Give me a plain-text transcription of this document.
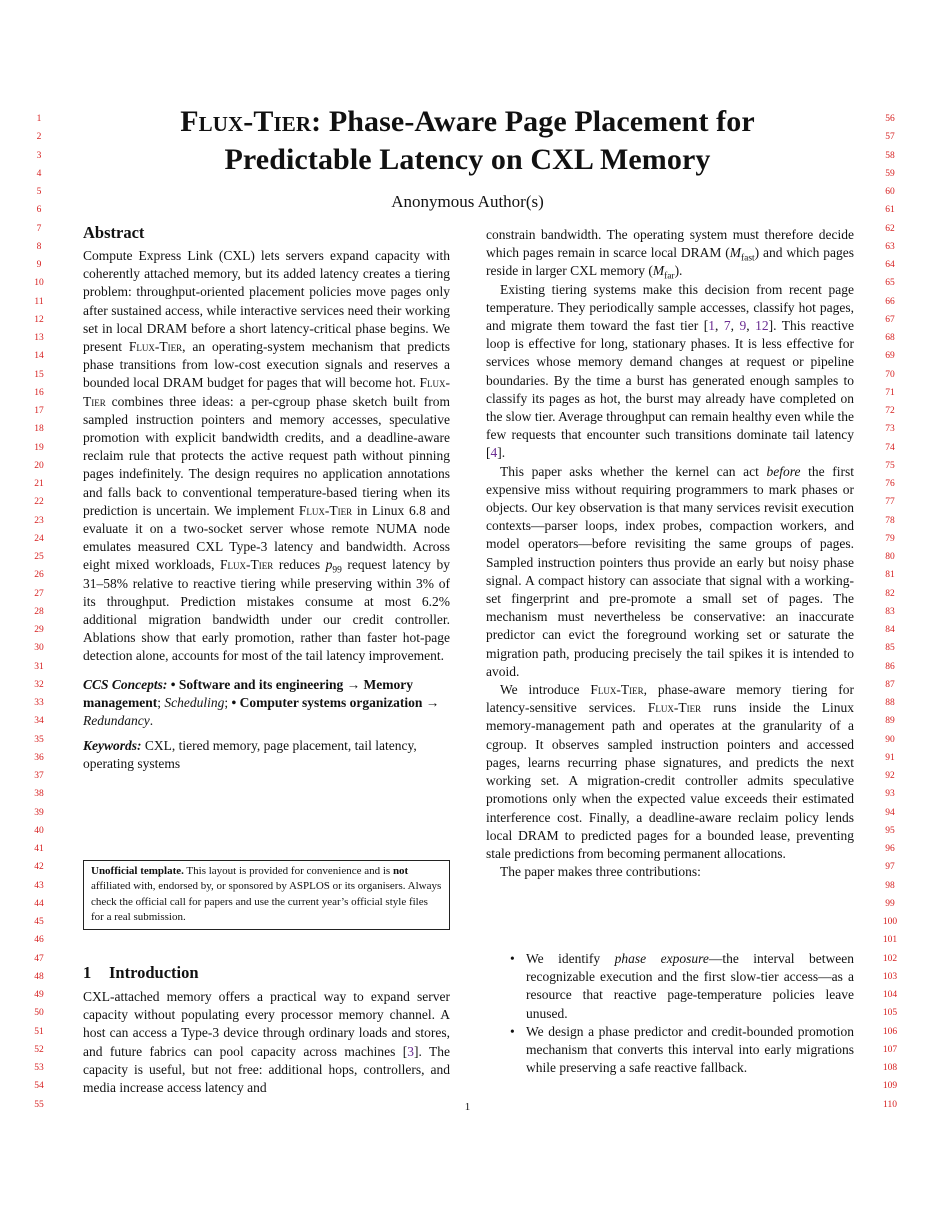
Flux-Tier: Phase-Aware Page Placement for
Predictable Latency on CXL Memory
Anonymous Author(s)
Abstract

Compute Express Link (CXL) lets servers expand capacity with coherently attached memory, but its added latency creates a tiering problem: throughput-oriented placement policies move pages only after sustained access, while interactive services need their working set in local DRAM before a short latency-critical phase begins. We present Flux-Tier, an operating-system mechanism that predicts phase transitions from low-cost execution signals and reserves a bounded local DRAM budget for pages that will become hot. Flux-Tier combines three ideas: a per-cgroup phase sketch built from sampled instruction pointers and memory accesses, speculative promotion with explicit bandwidth credits, and a deadline-aware reclaim rule that protects the active request path without pinning pages indefinitely. The design requires no application annotations and falls back to conventional temperature-based tiering when its prediction is uncertain. We implement Flux-Tier in Linux 6.8 and evaluate it on a two-socket server whose remote NUMA node emulates measured CXL Type-3 latency and bandwidth. Across eight mixed workloads, Flux-Tier reduces $p_{99}$ request latency by 31–58% relative to reactive tiering while preserving within 3% of its throughput. Prediction mistakes consume at most 6.2% additional migration bandwidth under our credit controller. Ablations show that early promotion, rather than faster hot-page detection alone, accounts for most of the tail latency improvement.

CCS Concepts: • Software and its engineering → Memory management; Scheduling; • Computer systems organization → Redundancy.

Keywords: CXL, tiered memory, page placement, tail latency, operating systems

Unofficial template. This layout is provided for convenience and is not affiliated with, endorsed by, or sponsored by ASPLOS or its organisers. Always check the official call for papers and use the current year’s official style files for a real submission.
1 Introduction

CXL-attached memory offers a practical way to expand server capacity without populating every processor memory channel. A host can access a Type-3 device through ordinary loads and stores, and future fabrics can pool capacity across machines [3]. The capacity is useful, but not free: additional hops, controllers, and media increase access latency and

constrain bandwidth. The operating system must therefore decide which pages remain in scarce local DRAM $(M_{fast})$ and which pages reside in larger CXL memory $(M_{far})$.

Existing tiering systems make this decision from recent page temperature. They periodically sample accesses, classify hot pages, and migrate them toward the fast tier [1, 7, 9, 12]. This reactive loop is effective for long, stationary phases. It is less effective for services whose memory demand changes at request or pipeline boundaries. By the time a burst has generated enough samples to classify its pages as hot, the burst may already have completed on the slow tier. Average throughput can remain healthy even while the few requests that encounter such transitions dominate tail latency [4].

This paper asks whether the kernel can act before the first expensive miss without requiring programmers to mark phases or objects. Our key observation is that many services revisit execution contexts—parser loops, index probes, compaction workers, and model operators—before revisiting the same groups of pages. Sampled instruction pointers thus provide an early but noisy phase signal. A compact history can associate that signal with a working-set fingerprint and pre-promote a small set of pages. The mechanism must nevertheless be conservative: an inaccurate predictor can evict the foreground working set or saturate the migration path, producing precisely the tail spikes it is intended to avoid.

We introduce Flux-Tier, phase-aware memory tiering for latency-sensitive services. Flux-Tier runs inside the Linux memory-management path and operates at the granularity of a cgroup. It observes sampled instruction pointers and accessed pages, learns recurring phase signatures, and predicts the next working set. A migration-credit controller admits speculative promotions only when the expected value exceeds their estimated interference cost. Finally, a deadline-aware reclaim policy lends local DRAM to predicted pages for a bounded lease, preventing stale predictions from becoming permanent allocations.

The paper makes three contributions:

• We identify phase exposure—the interval between recognizable execution and the first slow-tier access—as a resource that reactive page-temperature policies leave unused.
• We design a phase predictor and credit-bounded promotion mechanism that converts this interval into early migrations while preserving a safe reactive fallback.
1
1
2
3
4
5
6
7
8
9
10
11
12
13
14
15
16
17
18
19
20
21
22
23
24
25
26
27
28
29
30
31
32
33
34
35
36
37
38
39
40
41
42
43
44
45
46
47
48
49
50
51
52
53
54
55
56
57
58
59
60
61
62
63
64
65
66
67
68
69
70
71
72
73
74
75
76
77
78
79
80
81
82
83
84
85
86
87
88
89
90
91
92
93
94
95
96
97
98
99
100
101
102
103
104
105
106
107
108
109
110
